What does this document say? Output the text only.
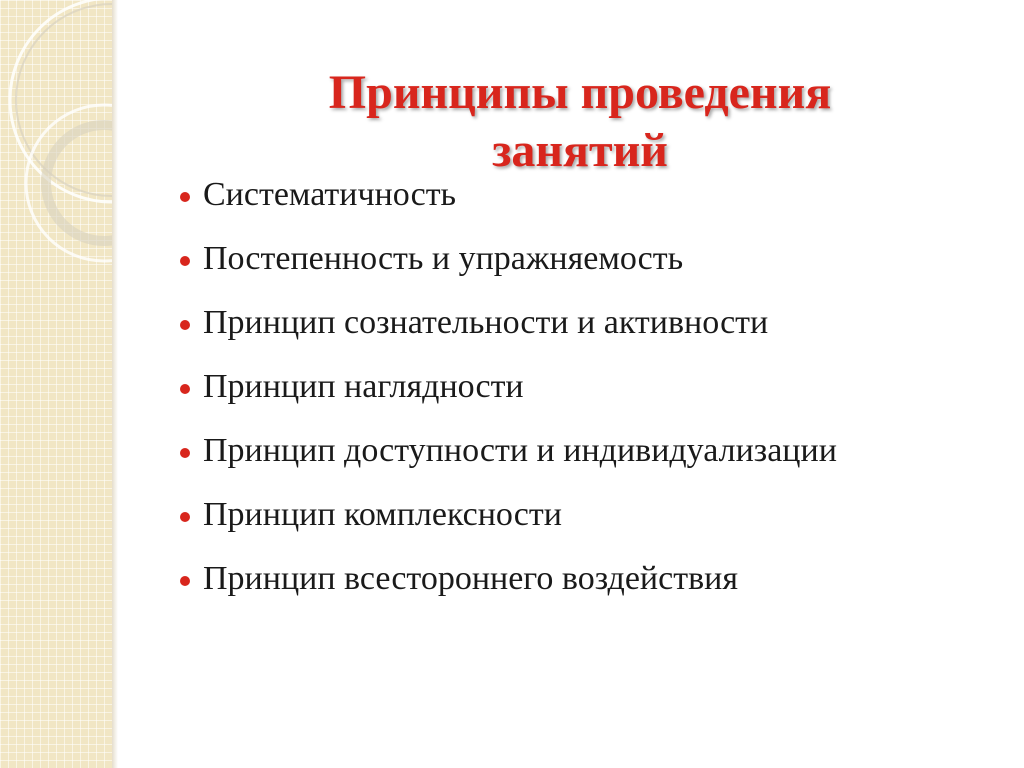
Принципы проведения
занятий
Систематичность
Постепенность и упражняемость
Принцип сознательности и активности
Принцип наглядности
Принцип доступности и индивидуализации
Принцип комплексности
Принцип всестороннего воздействия
